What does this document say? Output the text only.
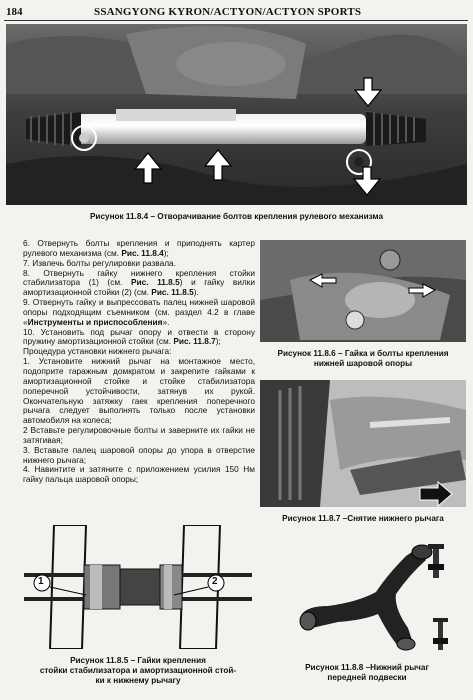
184	SSANGYONG KYRON/ACTYON/ACTYON SPORTS
Рисунок 11.8.4 – Отворачивание болтов крепления рулевого механизма
Рисунок 11.8.6 – Гайка и болты крепления
нижней шаровой опоры
Рисунок 11.8.7 –Снятие нижнего рычага
1	2
Рисунок 11.8.5 – Гайки крепления
стойки стабилизатора и амортизационной стой-
ки к нижнему рычагу
Рисунок 11.8.8 –Нижний рычаг
передней подвески

6. Отвернуть болты крепления и приподнять картер рулевого механизма (см. Рис. 11.8.4);

7. Извлечь болты регулировки развала.

8. Отвернуть гайку нижнего крепления стойки стабилизатора (1) (см. Рис. 11.8.5) и гайку вилки амортизационной стойки (2) (см. Рис. 11.8.5).

9. Отвернуть гайку и выпрессовать палец нижней шаровой опоры подходящим съемником (см. раздел 4.2 в главе «Инструменты и приспособления».

10. Установить под рычаг опору и отвести в сторону пружину амортизационной стойки (см. Рис. 11.8.7);

Процедура установки нижнего рычага:

1. Установите нижний рычаг на монтажное место, подоприте гаражным домкратом и закрепите гайками к амортизационной стойке и стойке стабилизатора поперечной устойчивости, затянув их рукой. Окончательную затяжку гаек крепления поперечного рычага следует выполнять только после установки автомобиля на колеса;

2 Вставьте регулировочные болты и заверните их гайки не затягивая;

3. Вставьте палец шаровой опоры до упора в отверстие нижнего рычага;

4. Навинтите и затяните с приложением усилия 150 Нм гайку пальца шаровой опоры;
